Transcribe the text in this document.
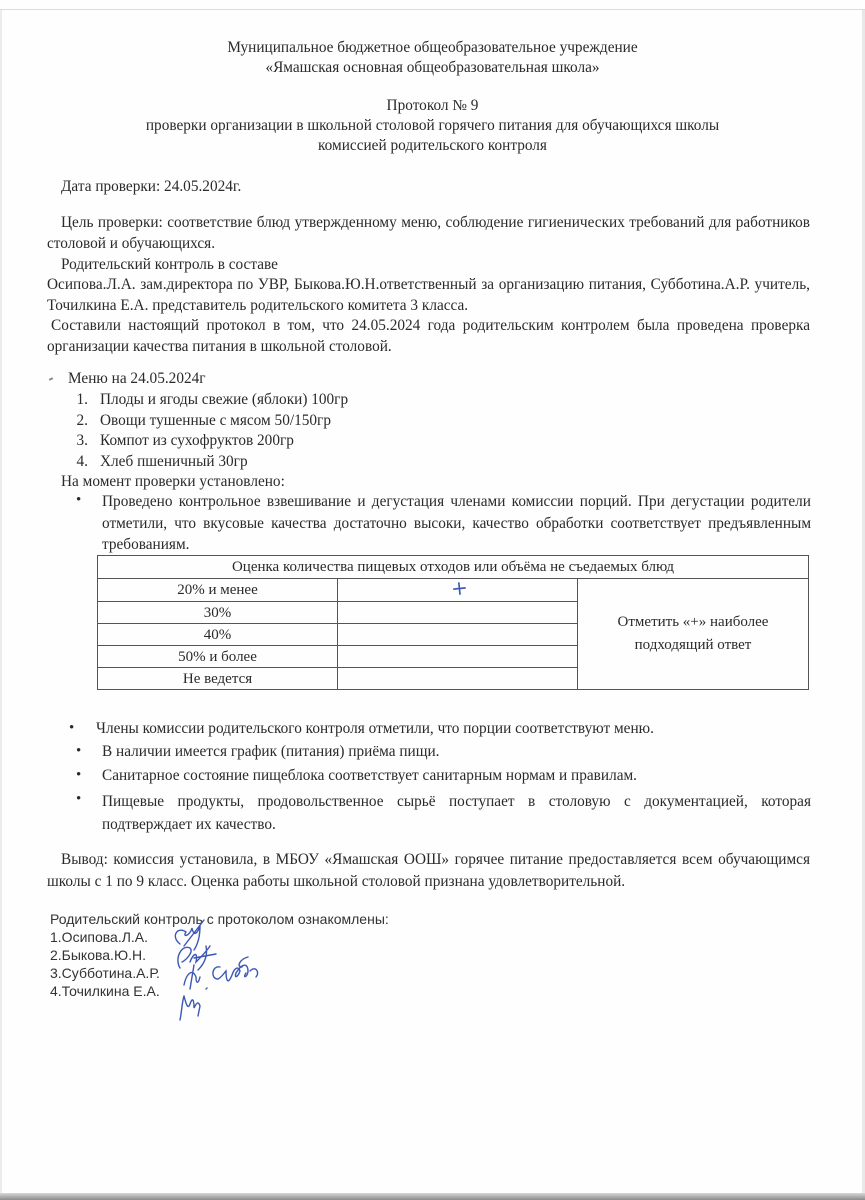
Муниципальное бюджетное общеобразовательное учреждение
«Ямашская основная общеобразовательная школа»
Протокол № 9
проверки организации в школьной столовой горячего питания для обучающихся школы
комиссией родительского контроля
Дата проверки: 24.05.2024г.
Цель проверки: соответствие блюд утвержденному меню, соблюдение гигиенических требований для работников столовой и обучающихся.
Родительский контроль в составе
Осипова.Л.А. зам.директора по УВР, Быкова.Ю.Н.ответственный за организацию питания, Субботина.А.Р. учитель, Точилкина Е.А. представитель родительского комитета 3 класса.
Составили настоящий протокол в том, что 24.05.2024 года родительским контролем была проведена проверка организации качества питания в школьной столовой.
Меню на 24.05.2024г
1. Плоды и ягоды свежие (яблоки) 100гр
2. Овощи тушенные с мясом 50/150гр
3. Компот из сухофруктов 200гр
4. Хлеб пшеничный 30гр
На момент проверки установлено:
• Проведено контрольное взвешивание и дегустация членами комиссии порций. При дегустации родители отметили, что вкусовые качества достаточно высоки, качество обработки соответствует предъявленным требованиям.
Оценка количества пищевых отходов или объёма не съедаемых блюд		
20% и менее	+	Отметить «+» наиболее подходящий ответ

30%		
40%		
50% и более		
Не ведется		
• Члены комиссии родительского контроля отметили, что порции соответствуют меню.
• В наличии имеется график (питания) приёма пищи.
• Санитарное состояние пищеблока соответствует санитарным нормам и правилам.
• Пищевые продукты, продовольственное сырьё поступает в столовую с документацией, которая подтверждает их качество.
Вывод: комиссия установила, в МБОУ «Ямашская ООШ» горячее питание предоставляется всем обучающимся школы с 1 по 9 класс. Оценка работы школьной столовой признана удовлетворительной.
Родительский контроль с протоколом ознакомлены:
1.Осипова.Л.А.
2.Быкова.Ю.Н.
3.Субботина.А.Р.
4.Точилкина Е.А.
